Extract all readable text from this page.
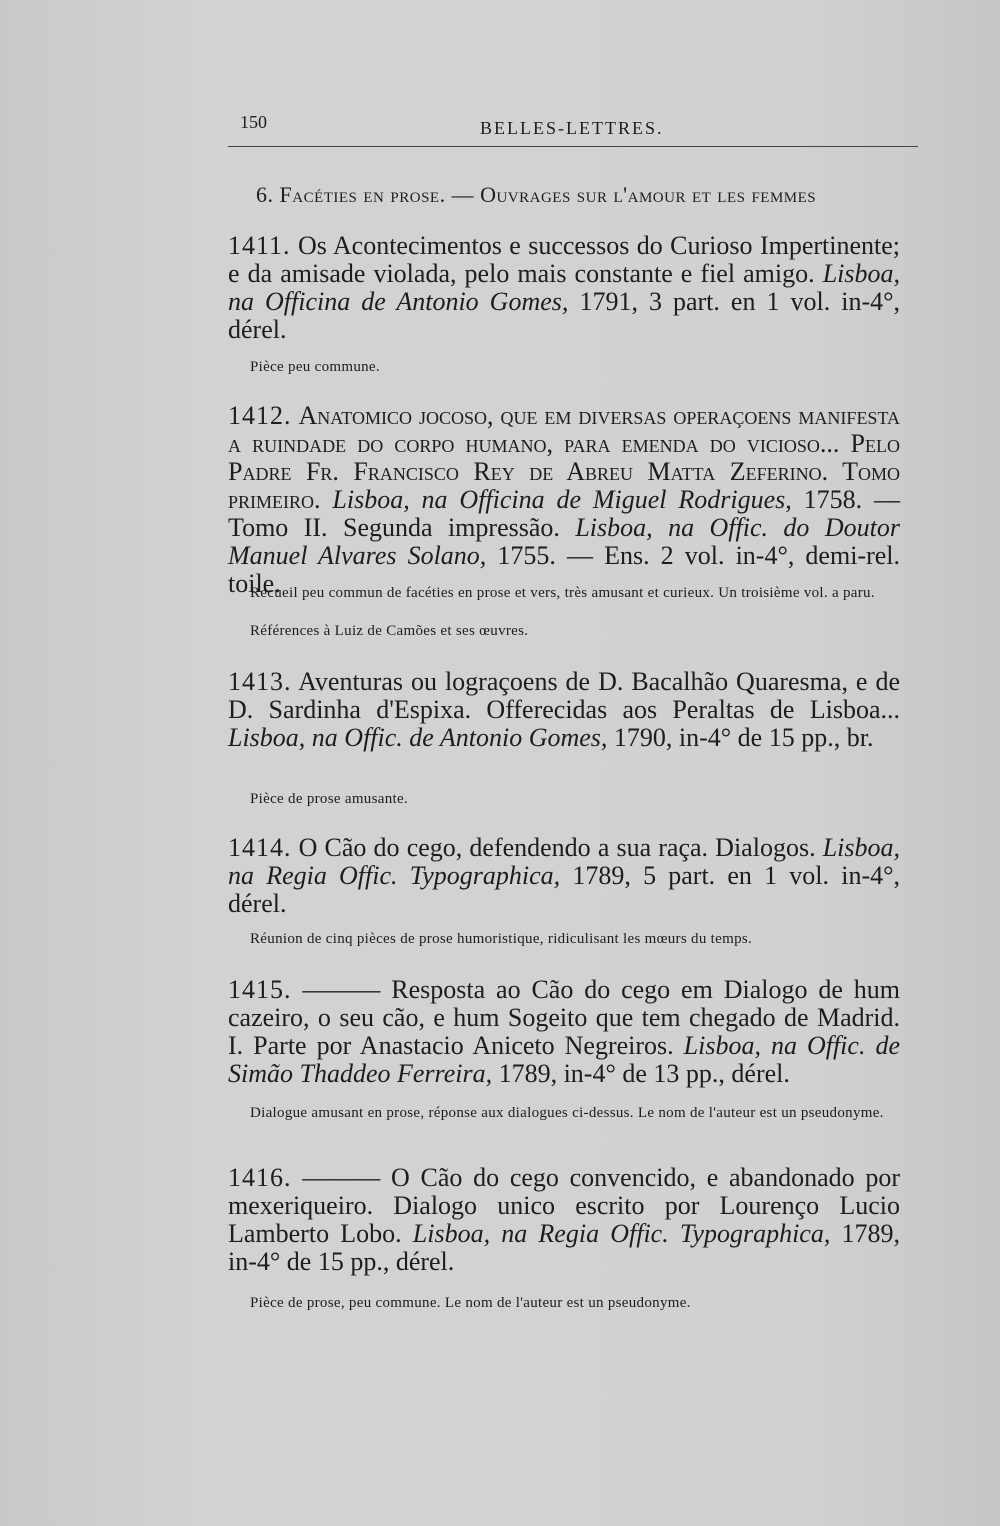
150	BELLES-LETTRES.
6. Facéties en prose. — Ouvrages sur l'amour et les femmes
1411. Os Acontecimentos e successos do Curioso Impertinente; e da amisade violada, pelo mais constante e fiel amigo. Lisboa, na Officina de Antonio Gomes, 1791, 3 part. en 1 vol. in-4°, dérel.
Pièce peu commune.
1412. Anatomico jocoso, que em diversas operaçoens manifesta a ruindade do corpo humano, para emenda do vicioso... Pelo Padre Fr. Francisco Rey de Abreu Matta Zeferino. Tomo primeiro. Lisboa, na Officina de Miguel Rodrigues, 1758. — Tomo II. Segunda impressão. Lisboa, na Offic. do Doutor Manuel Alvares Solano, 1755. — Ens. 2 vol. in-4°, demi-rel. toile.
Recueil peu commun de facéties en prose et vers, très amusant et curieux. Un troisième vol. a paru.
Références à Luiz de Camões et ses œuvres.
1413. Aventuras ou lograçoens de D. Bacalhão Quaresma, e de D. Sardinha d'Espixa. Offerecidas aos Peraltas de Lisboa... Lisboa, na Offic. de Antonio Gomes, 1790, in-4° de 15 pp., br.
Pièce de prose amusante.
1414. O Cão do cego, defendendo a sua raça. Dialogos. Lisboa, na Regia Offic. Typographica, 1789, 5 part. en 1 vol. in-4°, dérel.
Réunion de cinq pièces de prose humoristique, ridiculisant les mœurs du temps.
1415. ——— Resposta ao Cão do cego em Dialogo de hum cazeiro, o seu cão, e hum Sogeito que tem chegado de Madrid. I. Parte por Anastacio Aniceto Negreiros. Lisboa, na Offic. de Simão Thaddeo Ferreira, 1789, in-4° de 13 pp., dérel.
Dialogue amusant en prose, réponse aux dialogues ci-dessus. Le nom de l'auteur est un pseudonyme.
1416. ——— O Cão do cego convencido, e abandonado por mexeriqueiro. Dialogo unico escrito por Lourenço Lucio Lamberto Lobo. Lisboa, na Regia Offic. Typographica, 1789, in-4° de 15 pp., dérel.
Pièce de prose, peu commune. Le nom de l'auteur est un pseudonyme.
